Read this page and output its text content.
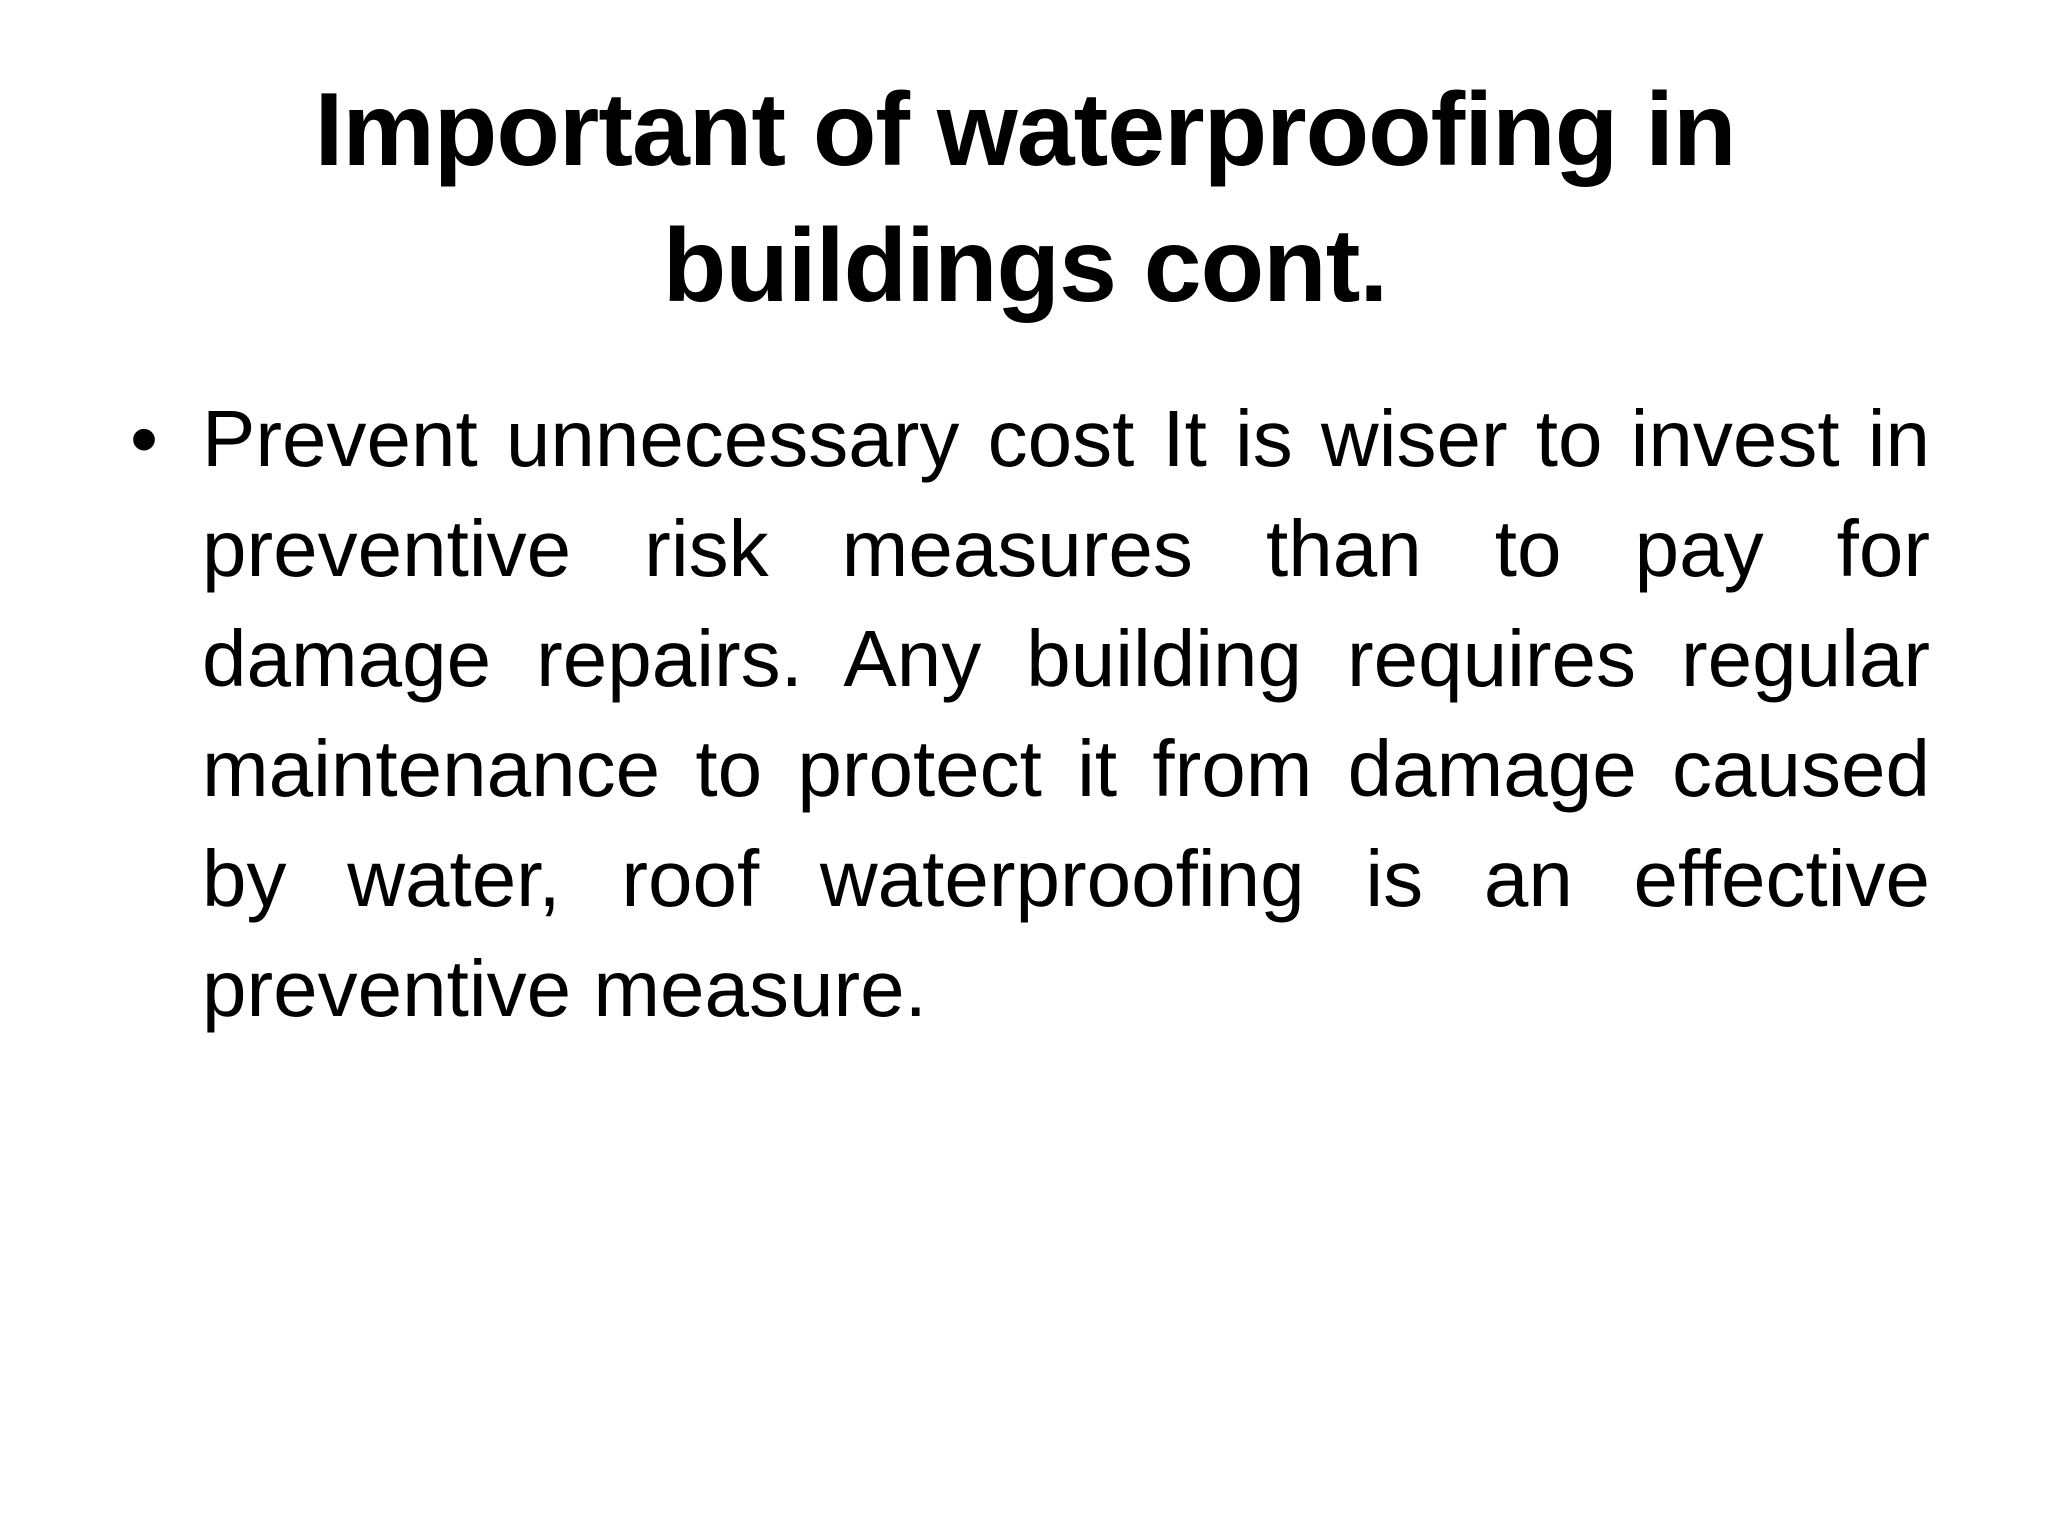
Important of waterproofing in buildings cont.
• Prevent unnecessary cost It is wiser to invest in preventive risk measures than to pay for damage repairs. Any building requires regular maintenance to protect it from damage caused by water, roof waterproofing is an effective preventive measure.
